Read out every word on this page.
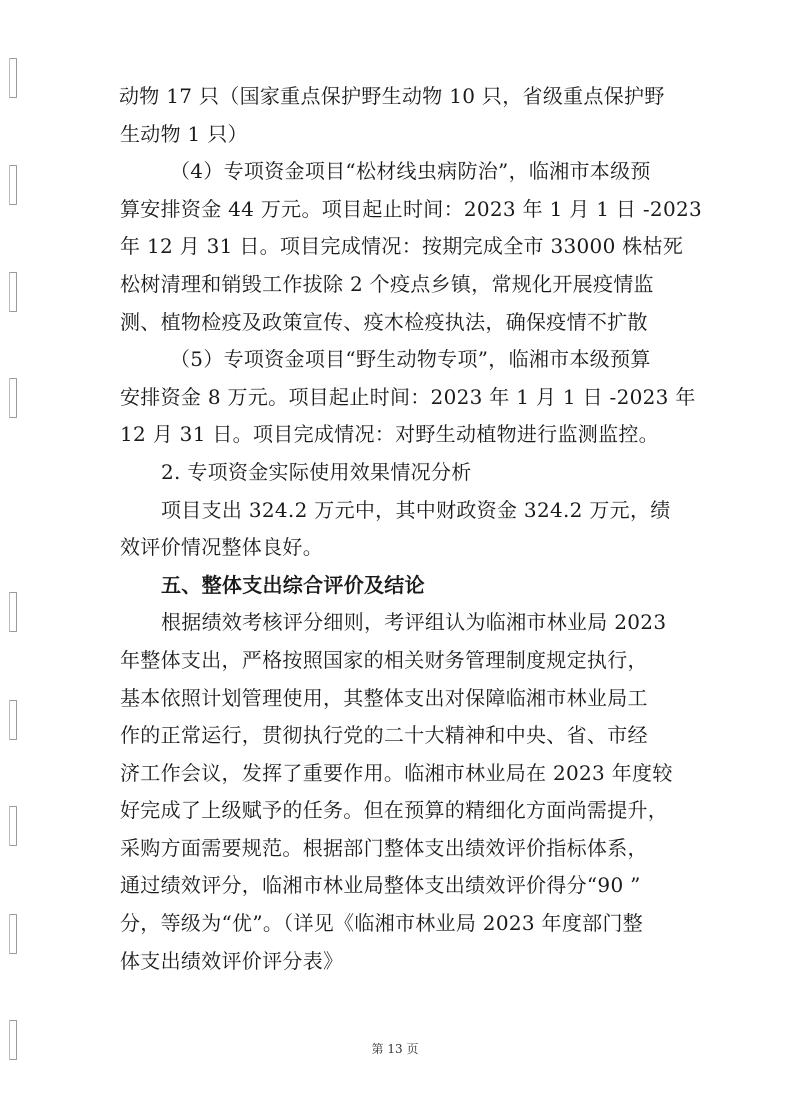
动物 17 只（国家重点保护野生动物 10 只，省级重点保护野
生动物 1 只）
（4）专项资金项目“松材线虫病防治”，临湘市本级预
算安排资金 44 万元。项目起止时间：2023 年 1 月 1 日 -2023
年 12 月 31 日。项目完成情况：按期完成全市 33000 株枯死
松树清理和销毁工作拔除 2 个疫点乡镇，常规化开展疫情监
测、植物检疫及政策宣传、疫木检疫执法，确保疫情不扩散
（5）专项资金项目“野生动物专项”，临湘市本级预算
安排资金 8 万元。项目起止时间：2023 年 1 月 1 日 -2023 年
12 月 31 日。项目完成情况：对野生动植物进行监测监控。
2. 专项资金实际使用效果情况分析
项目支出 324.2 万元中，其中财政资金 324.2 万元，绩
效评价情况整体良好。
五、整体支出综合评价及结论
根据绩效考核评分细则，考评组认为临湘市林业局 2023
年整体支出，严格按照国家的相关财务管理制度规定执行，
基本依照计划管理使用，其整体支出对保障临湘市林业局工
作的正常运行，贯彻执行党的二十大精神和中央、省、市经
济工作会议，发挥了重要作用。临湘市林业局在 2023 年度较
好完成了上级赋予的任务。但在预算的精细化方面尚需提升，
采购方面需要规范。根据部门整体支出绩效评价指标体系，
通过绩效评分，临湘市林业局整体支出绩效评价得分“90 ”
分，等级为“优”。（详见《临湘市林业局 2023 年度部门整
体支出绩效评价评分表》
第 13 页
